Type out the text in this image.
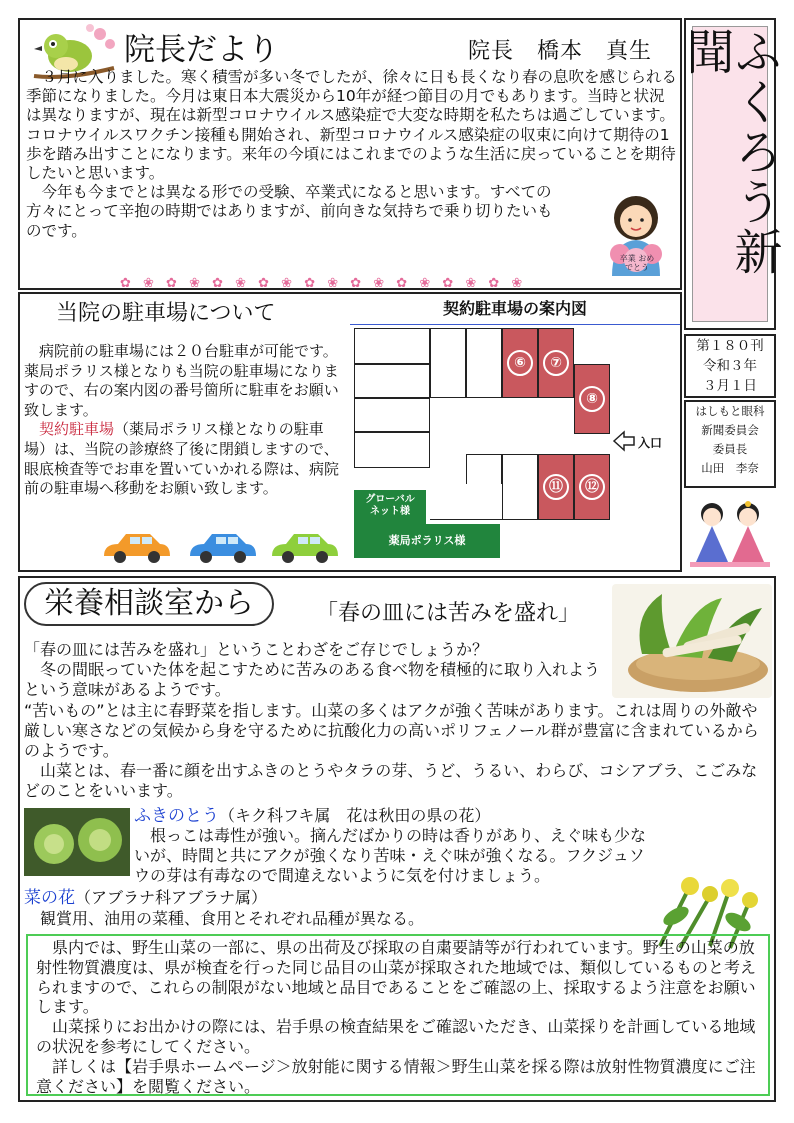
院長だより	院長　橋本　真生

　３月に入りました。寒く積雪が多い冬でしたが、徐々に日も長くなり春の息吹を感じられる季節になりました。今月は東日本大震災から10年が経つ節目の月でもあります。当時と状況は異なりますが、現在は新型コロナウイルス感染症で大変な時期を私たちは過ごしています。コロナウイルスワクチン接種も開始され、新型コロナウイルス感染症の収束に向けて期待の1歩を踏み出すことになります。来年の今頃にはこれまでのような生活に戻っていることを期待したいと思います。

　今年も今までとは異なる形での受験、卒業式になると思います。すべての方々にとって辛抱の時期ではありますが、前向きな気持ちで乗り切りたいものです。

卒業 おめでとう
✿ ❀ ✿ ❀ ✿ ❀ ✿ ❀ ✿ ❀ ✿ ❀ ✿ ❀ ✿ ❀ ✿ ❀
ふくろう新聞
第１８０刊
令和３年
３月１日
はしもと眼科
新聞委員会
委員長
山田　李奈
当院の駐車場について

　病院前の駐車場には２０台駐車が可能です。薬局ポラリス様となりも当院の駐車場になりますので、右の案内図の番号箇所に駐車をお願い致します。

　契約駐車場（薬局ポラリス様となりの駐車場）は、当院の診療終了後に閉鎖しますので、眼底検査等でお車を置いていかれる際は、病院前の駐車場へ移動をお願い致します。

契約駐車場の案内図
⑥	⑦
⑧
⑪	⑫
入口
グローバル
ネット様
薬局ポラリス様
栄養相談室から	「春の皿には苦みを盛れ」

「春の皿には苦みを盛れ」ということわざをご存じでしょうか？

　冬の間眠っていた体を起こすために苦みのある食べ物を積極的に取り入れようという意味があるようです。

“苦いもの”とは主に春野菜を指します。山菜の多くはアクが強く苦味があります。これは周りの外敵や厳しい寒さなどの気候から身を守るために抗酸化力の高いポリフェノール群が豊富に含まれているからのようです。

　山菜とは、春一番に顔を出すふきのとうやタラの芽、うど、うるい、わらび、コシアブラ、こごみなどのことをいいます。

ふきのとう（キク科フキ属　花は秋田の県の花）

　根っこは毒性が強い。摘んだばかりの時は香りがあり、えぐ味も少ないが、時間と共にアクが強くなり苦味・えぐ味が強くなる。フクジュソウの芽は有毒なので間違えないように気を付けましょう。

菜の花（アブラナ科アブラナ属）

　観賞用、油用の菜種、食用とそれぞれ品種が異なる。

　県内では、野生山菜の一部に、県の出荷及び採取の自粛要請等が行われています。野生の山菜の放射性物質濃度は、県が検査を行った同じ品目の山菜が採取された地域では、類似しているものと考えられますので、これらの制限がない地域と品目であることをご確認の上、採取するよう注意をお願いします。

　山菜採りにお出かけの際には、岩手県の検査結果をご確認いただき、山菜採りを計画している地域の状況を参考にしてください。

　詳しくは【岩手県ホームページ＞放射能に関する情報＞野生山菜を採る際は放射性物質濃度にご注意ください】を閲覧ください。
